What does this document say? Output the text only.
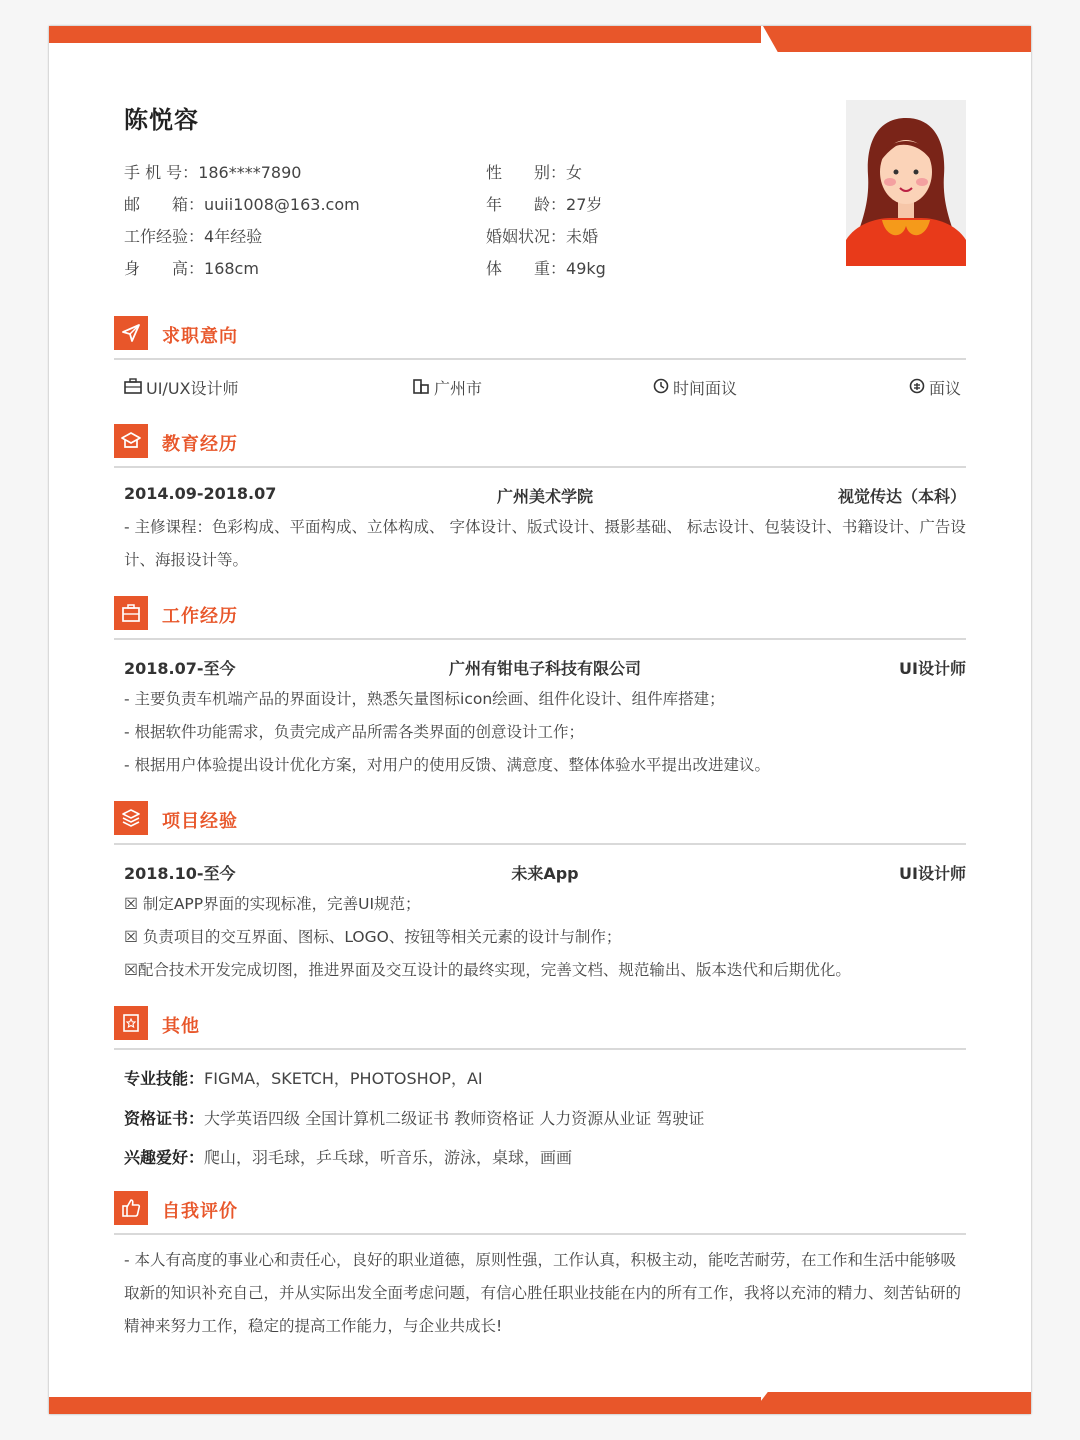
陈悦容
手 机 号：186****7890
邮　　箱：uuii1008@163.com
工作经验：4年经验
身　　高：168cm
性　　别：女
年　　龄：27岁
婚姻状况：未婚
体　　重：49kg
求职意向
UI/UX设计师	广州市	时间面议	面议
教育经历
2014.09-2018.07	广州美术学院	视觉传达（本科）
- 主修课程：色彩构成、平面构成、立体构成、 字体设计、版式设计、摄影基础、 标志设计、包装设计、书籍设计、广告设计、海报设计等。
工作经历
2018.07-至今	广州有钳电子科技有限公司	UI设计师
- 主要负责车机端产品的界面设计，熟悉矢量图标icon绘画、组件化设计、组件库搭建；
- 根据软件功能需求，负责完成产品所需各类界面的创意设计工作；
- 根据用户体验提出设计优化方案，对用户的使用反馈、满意度、整体体验水平提出改进建议。
项目经验
2018.10-至今	未来App	UI设计师
☒ 制定APP界面的实现标准，完善UI规范；
☒ 负责项目的交互界面、图标、LOGO、按钮等相关元素的设计与制作；
☒配合技术开发完成切图，推进界面及交互设计的最终实现，完善文档、规范输出、版本迭代和后期优化。
其他
专业技能：FIGMA，SKETCH，PHOTOSHOP，AI
资格证书：大学英语四级 全国计算机二级证书 教师资格证 人力资源从业证 驾驶证
兴趣爱好：爬山，羽毛球，乒乓球，听音乐，游泳，桌球，画画
自我评价
- 本人有高度的事业心和责任心，良好的职业道德，原则性强，工作认真，积极主动，能吃苦耐劳，在工作和生活中能够吸取新的知识补充自己，并从实际出发全面考虑问题，有信心胜任职业技能在内的所有工作，我将以充沛的精力、刻苦钻研的精神来努力工作，稳定的提高工作能力，与企业共成长!
